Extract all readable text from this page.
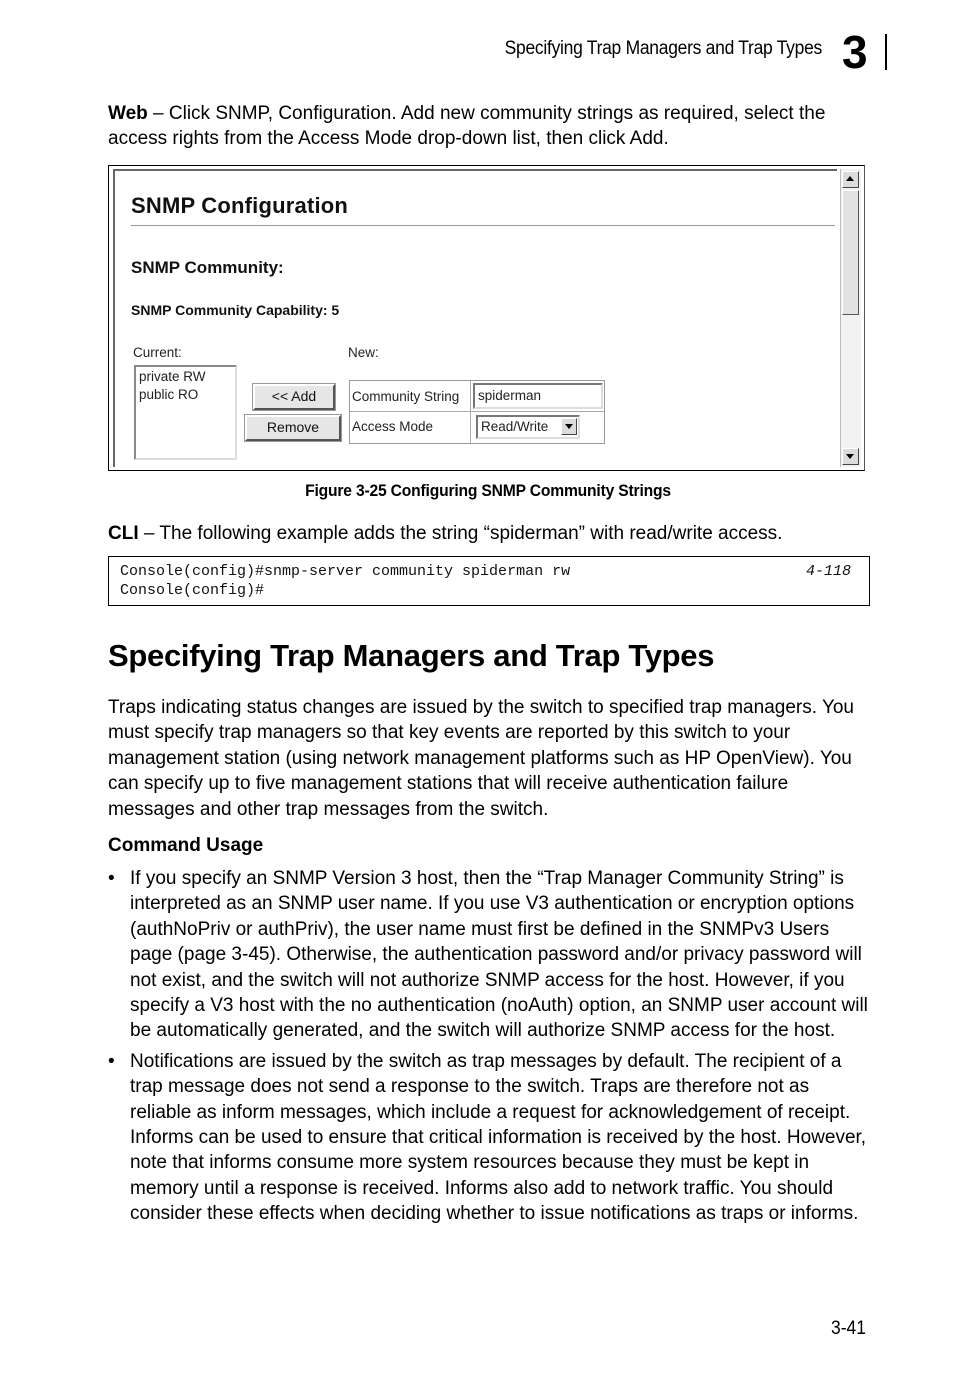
Specifying Trap Managers and Trap Types 3

Web – Click SNMP, Configuration. Add new community strings as required, select the access rights from the Access Mode drop-down list, then click Add.

SNMP Configuration
SNMP Community:
SNMP Community Capability: 5
Current:	New:
private RW
public RO	<< Add
Remove
Community String	spiderman
Access Mode	Read/Write
Figure 3-25 Configuring SNMP Community Strings

CLI – The following example adds the string “spiderman” with read/write access.

Console(config)#snmp-server community spiderman rw
Console(config)#
4-118
Specifying Trap Managers and Trap Types

Traps indicating status changes are issued by the switch to specified trap managers. You must specify trap managers so that key events are reported by this switch to your management station (using network management platforms such as HP OpenView). You can specify up to five management stations that will receive authentication failure messages and other trap messages from the switch.

Command Usage
• If you specify an SNMP Version 3 host, then the “Trap Manager Community String” is interpreted as an SNMP user name. If you use V3 authentication or encryption options (authNoPriv or authPriv), the user name must first be defined in the SNMPv3 Users page (page 3-45). Otherwise, the authentication password and/or privacy password will not exist, and the switch will not authorize SNMP access for the host. However, if you specify a V3 host with the no authentication (noAuth) option, an SNMP user account will be automatically generated, and the switch will authorize SNMP access for the host.
• Notifications are issued by the switch as trap messages by default. The recipient of a trap message does not send a response to the switch. Traps are therefore not as reliable as inform messages, which include a request for acknowledgement of receipt. Informs can be used to ensure that critical information is received by the host. However, note that informs consume more system resources because they must be kept in memory until a response is received. Informs also add to network traffic. You should consider these effects when deciding whether to issue notifications as traps or informs.
3-41
